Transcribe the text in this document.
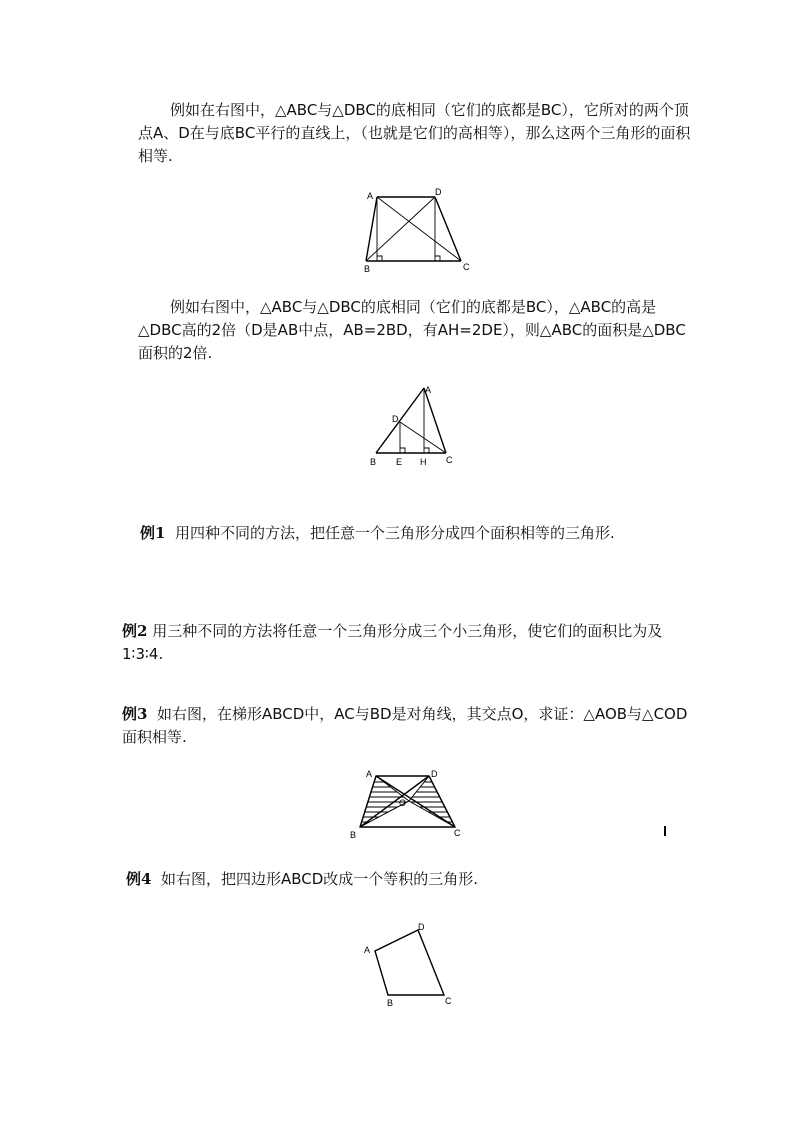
例如在右图中，△ABC与△DBC的底相同（它们的底都是BC），它所对的两个顶点A、D在与底BC平行的直线上，（也就是它们的高相等），那么这两个三角形的面积相等.
A	D
B	C
例如右图中，△ABC与△DBC的底相同（它们的底都是BC），△ABC的高是△DBC高的2倍（D是AB中点，AB=2BD，有AH=2DE），则△ABC的面积是△DBC面积的2倍.
A
D
B E H C
例1 用四种不同的方法，把任意一个三角形分成四个面积相等的三角形.
例2 用三种不同的方法将任意一个三角形分成三个小三角形，使它们的面积比为及1∶3∶4.
例3 如右图，在梯形ABCD中，AC与BD是对角线，其交点O，求证：△AOB与△COD面积相等.
A	D
O
B	C
例4 如右图，把四边形ABCD改成一个等积的三角形.
A
D
B	C
